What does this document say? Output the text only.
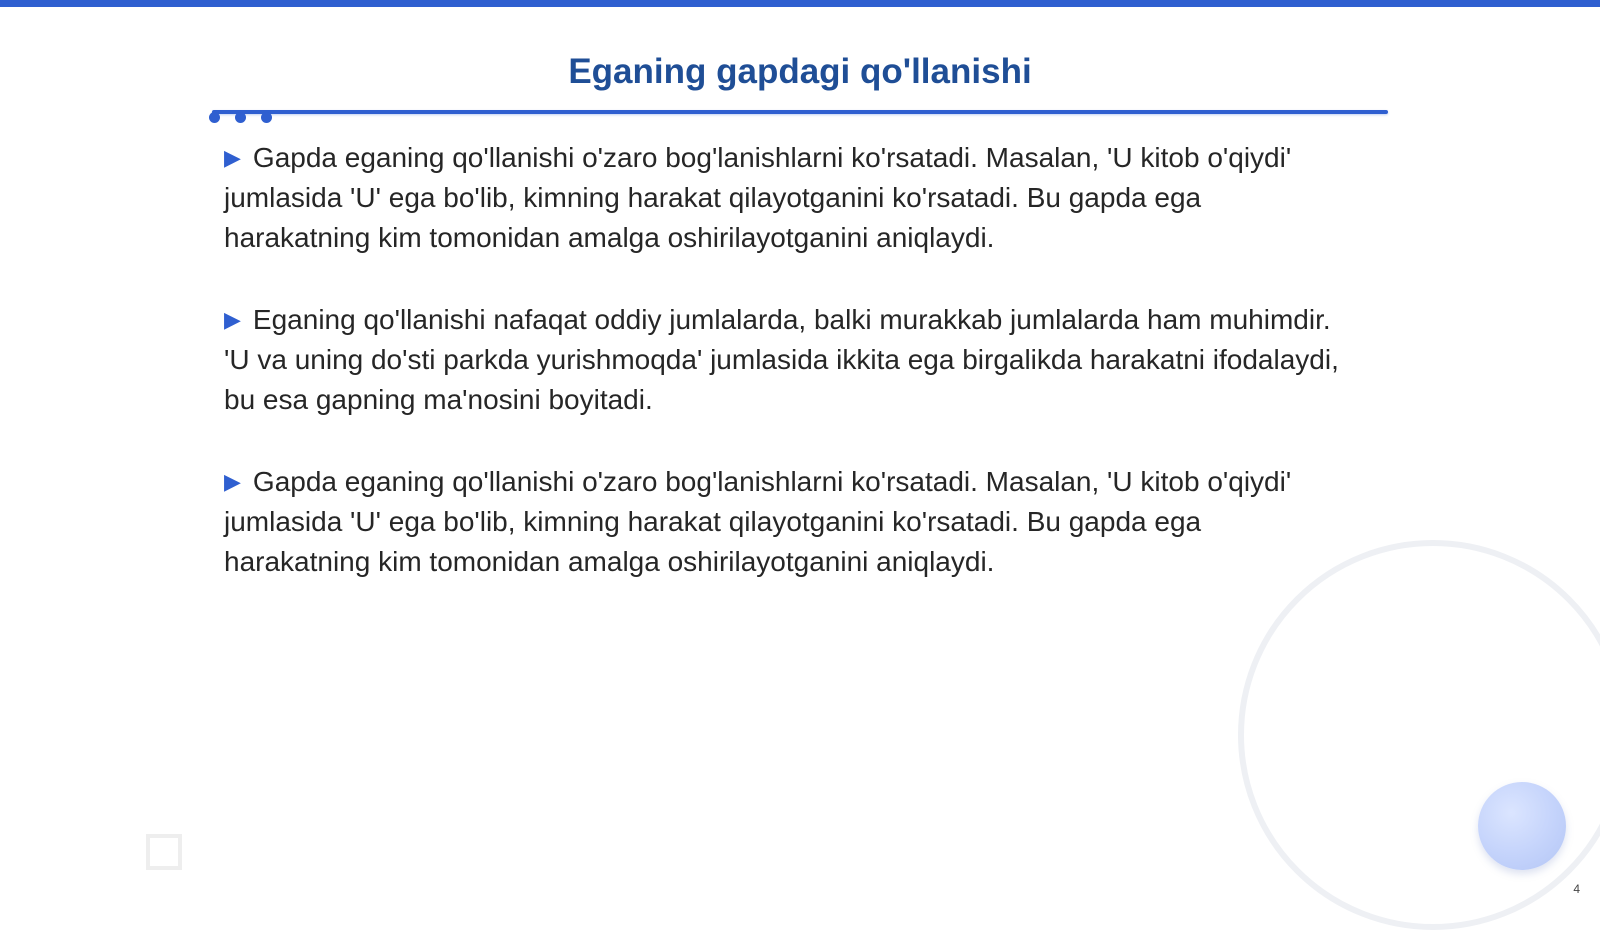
Eganing gapdagi qo'llanishi

▶ Gapda eganing qo'llanishi o'zaro bog'lanishlarni ko'rsatadi. Masalan, 'U kitob o'qiydi' jumlasida 'U' ega bo'lib, kimning harakat qilayotganini ko'rsatadi. Bu gapda ega harakatning kim tomonidan amalga oshirilayotganini aniqlaydi.

▶ Eganing qo'llanishi nafaqat oddiy jumlalarda, balki murakkab jumlalarda ham muhimdir. 'U va uning do'sti parkda yurishmoqda' jumlasida ikkita ega birgalikda harakatni ifodalaydi, bu esa gapning ma'nosini boyitadi.

▶ Gapda eganing qo'llanishi o'zaro bog'lanishlarni ko'rsatadi. Masalan, 'U kitob o'qiydi' jumlasida 'U' ega bo'lib, kimning harakat qilayotganini ko'rsatadi. Bu gapda ega harakatning kim tomonidan amalga oshirilayotganini aniqlaydi.

4
